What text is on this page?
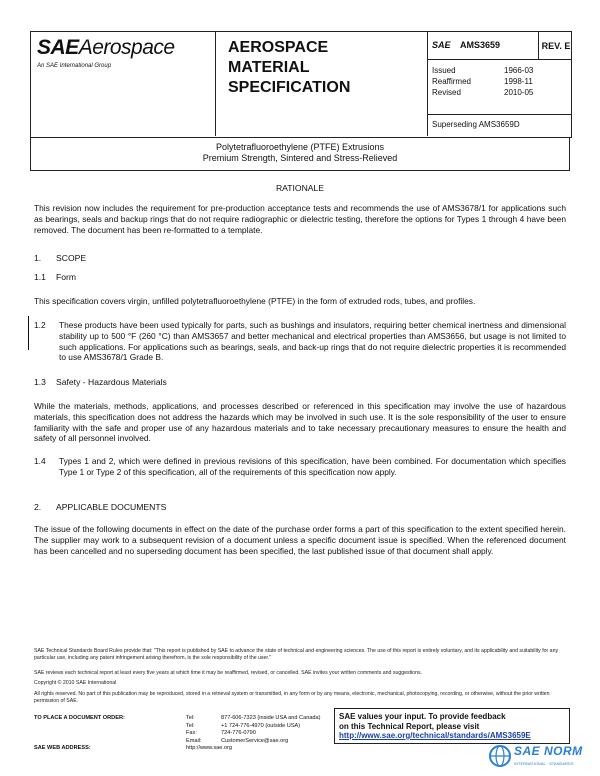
SAEAerospace
An SAE International Group
AEROSPACE
MATERIAL
SPECIFICATION
SAE AMS3659	REV. E
Issued	1966-03
Reaffirmed	1998-11
Revised	2010-05
Superseding AMS3659D
Polytetrafluoroethylene (PTFE) Extrusions
Premium Strength, Sintered and Stress-Relieved
RATIONALE
This revision now includes the requirement for pre-production acceptance tests and recommends the use of AMS3678/1 for applications such as bearings, seals and backup rings that do not require radiographic or dielectric testing, therefore the options for Types 1 through 4 have been removed. The document has been re-formatted to a template.
1. SCOPE
1.1 Form
This specification covers virgin, unfilled polytetrafluoroethylene (PTFE) in the form of extruded rods, tubes, and profiles.
1.2	These products have been used typically for parts, such as bushings and insulators, requiring better chemical inertness and dimensional stability up to 500 °F (260 °C) than AMS3657 and better mechanical and electrical properties than AMS3656, but usage is not limited to such applications. For applications such as bearings, seals, and back-up rings that do not require dielectric properties it is recommended to use AMS3678/1 Grade B.
1.3 Safety - Hazardous Materials
While the materials, methods, applications, and processes described or referenced in this specification may involve the use of hazardous materials, this specification does not address the hazards which may be involved in such use. It is the sole responsibility of the user to ensure familiarity with the safe and proper use of any hazardous materials and to take necessary precautionary measures to ensure the health and safety of all personnel involved.
1.4	Types 1 and 2, which were defined in previous revisions of this specification, have been combined. For documentation which specifies Type 1 or Type 2 of this specification, all of the requirements of this specification now apply.
2. APPLICABLE DOCUMENTS
The issue of the following documents in effect on the date of the purchase order forms a part of this specification to the extent specified herein. The supplier may work to a subsequent revision of a document unless a specific document issue is specified. When the referenced document has been cancelled and no superseding document has been specified, the last published issue of that document shall apply.
SAE Technical Standards Board Rules provide that: "This report is published by SAE to advance the state of technical and engineering sciences. The use of this report is entirely voluntary, and its applicability and suitability for any particular use, including any patent infringement arising therefrom, is the sole responsibility of the user."
SAE reviews each technical report at least every five years at which time it may be reaffirmed, revised, or cancelled. SAE invites your written comments and suggestions.
Copyright © 2010 SAE International
All rights reserved. No part of this publication may be reproduced, stored in a retrieval system or transmitted, in any form or by any means, electronic, mechanical, photocopying, recording, or otherwise, without the prior written permission of SAE.
TO PLACE A DOCUMENT ORDER:	Tel:	877-606-7323 (inside USA and Canada)
Tel:	+1 724-776-4970 (outside USA)
Fax:	724-776-0790
Email:	CustomerService@sae.org
SAE WEB ADDRESS:	http://www.sae.org
SAE values your input. To provide feedback
on this Technical Report, please visit
http://www.sae.org/technical/standards/AMS3659E
SAE NORM
INTERNATIONAL · STANDARDS
